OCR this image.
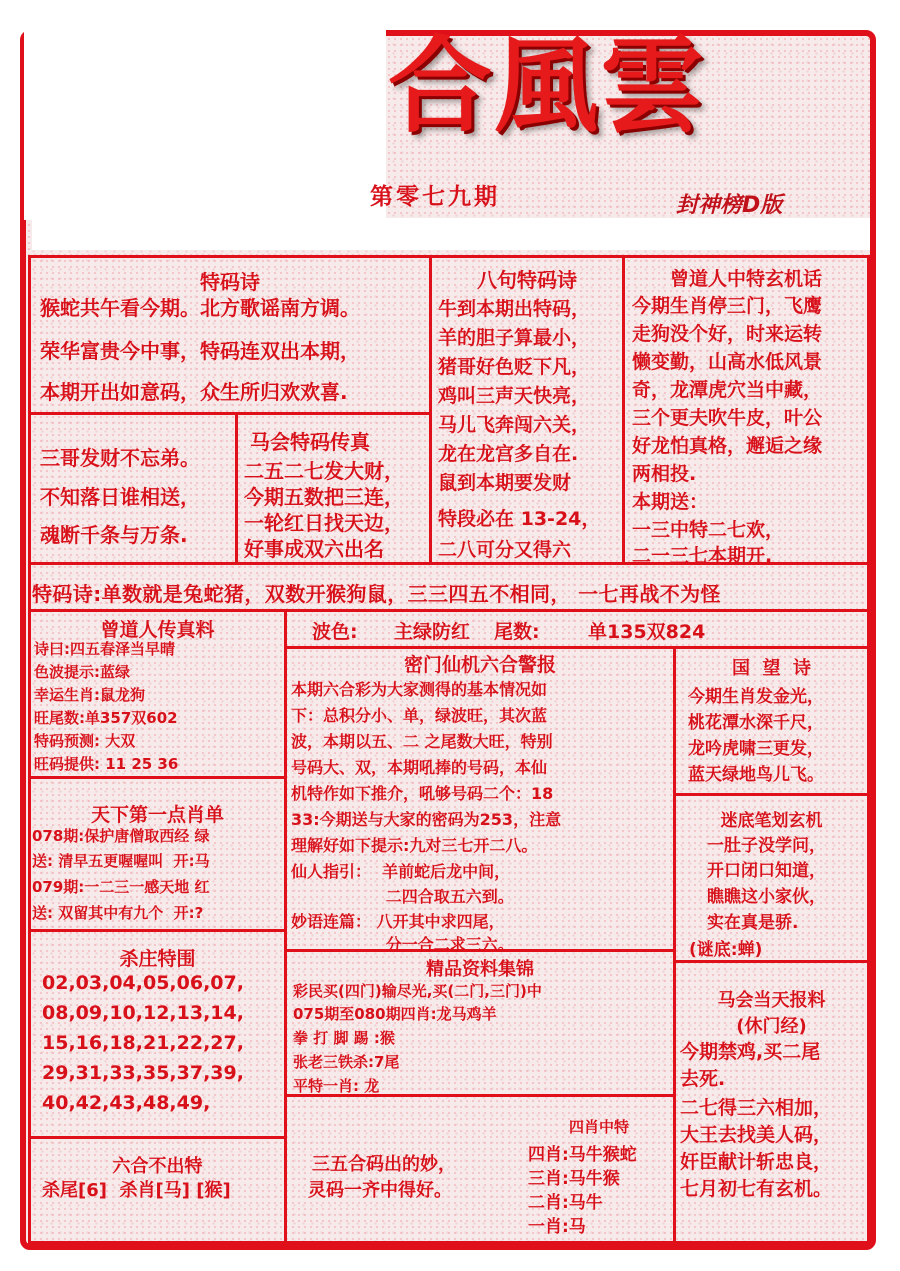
合風雲
第零七九期	封神榜D版
特码诗
猴蛇共午看今期。北方歌谣南方调。
荣华富贵今中事，特码连双出本期，
本期开出如意码，众生所归欢欢喜.
三哥发财不忘弟。
不知落日谁相送，
魂断千条与万条.
马会特码传真
二五二七发大财，
今期五数把三连，
一轮红日找天边，
好事成双六出名
八句特码诗
牛到本期出特码，
羊的胆子算最小，
猪哥好色贬下凡，
鸡叫三声天快亮，
马儿飞奔闯六关，
龙在龙宫多自在.
鼠到本期要发财
特段必在 13-24，
二八可分又得六
曾道人中特玄机话
今期生肖停三门，飞鹰
走狗没个好，时来运转
懒变勤，山高水低风景
奇，龙潭虎穴当中藏，
三个更夫吹牛皮，叶公
好龙怕真格，邂逅之缘
两相投.
本期送：
一三中特二七欢，
二一三七本期开.
特码诗:单数就是兔蛇猪，双数开猴狗鼠，三三四五不相同， 一七再战不为怪
曾道人传真料
诗曰:四五春泽当早晴
色波提示:蓝绿
幸运生肖:鼠龙狗
旺尾数:单357双602
特码预测: 大双
旺码提供: 11 25 36
波色: 主绿防红 尾数:	单135双824
密门仙机六合警报
本期六合彩为大家测得的基本情况如
下：总积分小、单，绿波旺，其次蓝
波，本期以五、二 之尾数大旺，特别
号码大、双，本期吼捧的号码，本仙
机特作如下推介，吼够号码二个：18
33:今期送与大家的密码为253，注意
理解好如下提示:九对三七开二八。
仙人指引：  羊前蛇后龙中间，
二四合取五六到。
妙语连篇： 八开其中求四尾，
分一合二求三六。
国  望  诗
今期生肖发金光，
桃花潭水深千尺，
龙吟虎啸三更发，
蓝天绿地鸟儿飞。
天下第一点肖单
078期:保护唐僧取西经 绿
送: 清早五更喔喔叫  开:马
079期:一二三一感天地 红
送: 双留其中有九个  开:?
迷底笔划玄机
一肚子没学问，
开口闭口知道，
瞧瞧这小家伙，
实在真是骄.
(谜底:蝉)
杀庄特围
02,03,04,05,06,07,
08,09,10,12,13,14,
15,16,18,21,22,27,
29,31,33,35,37,39,
40,42,43,48,49,
精品资料集锦
彩民买(四门)输尽光,买(二门,三门)中
075期至080期四肖:龙马鸡羊
拳 打 脚 踢 :猴
张老三铁杀:7尾
平特一肖: 龙
马会当天报料
(休门经)
今期禁鸡,买二尾
去死.
二七得三六相加，
大王去找美人码，
奸臣献计斩忠良，
七月初七有玄机。
六合不出特
杀尾[6]  杀肖[马] [猴]
三五合码出的妙，
灵码一齐中得好。
四肖中特
四肖:马牛猴蛇
三肖:马牛猴
二肖:马牛
一肖:马
